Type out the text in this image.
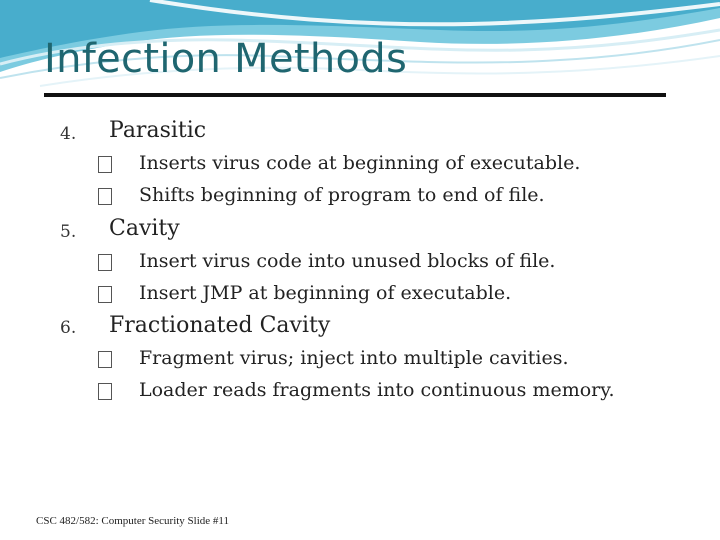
Infection Methods
4. Parasitic
Inserts virus code at beginning of executable.
Shifts beginning of program to end of file.
5. Cavity
Insert virus code into unused blocks of file.
Insert JMP at beginning of executable.
6. Fractionated Cavity
Fragment virus; inject into multiple cavities.
Loader reads fragments into continuous memory.
CSC 482/582: Computer Security Slide #11
